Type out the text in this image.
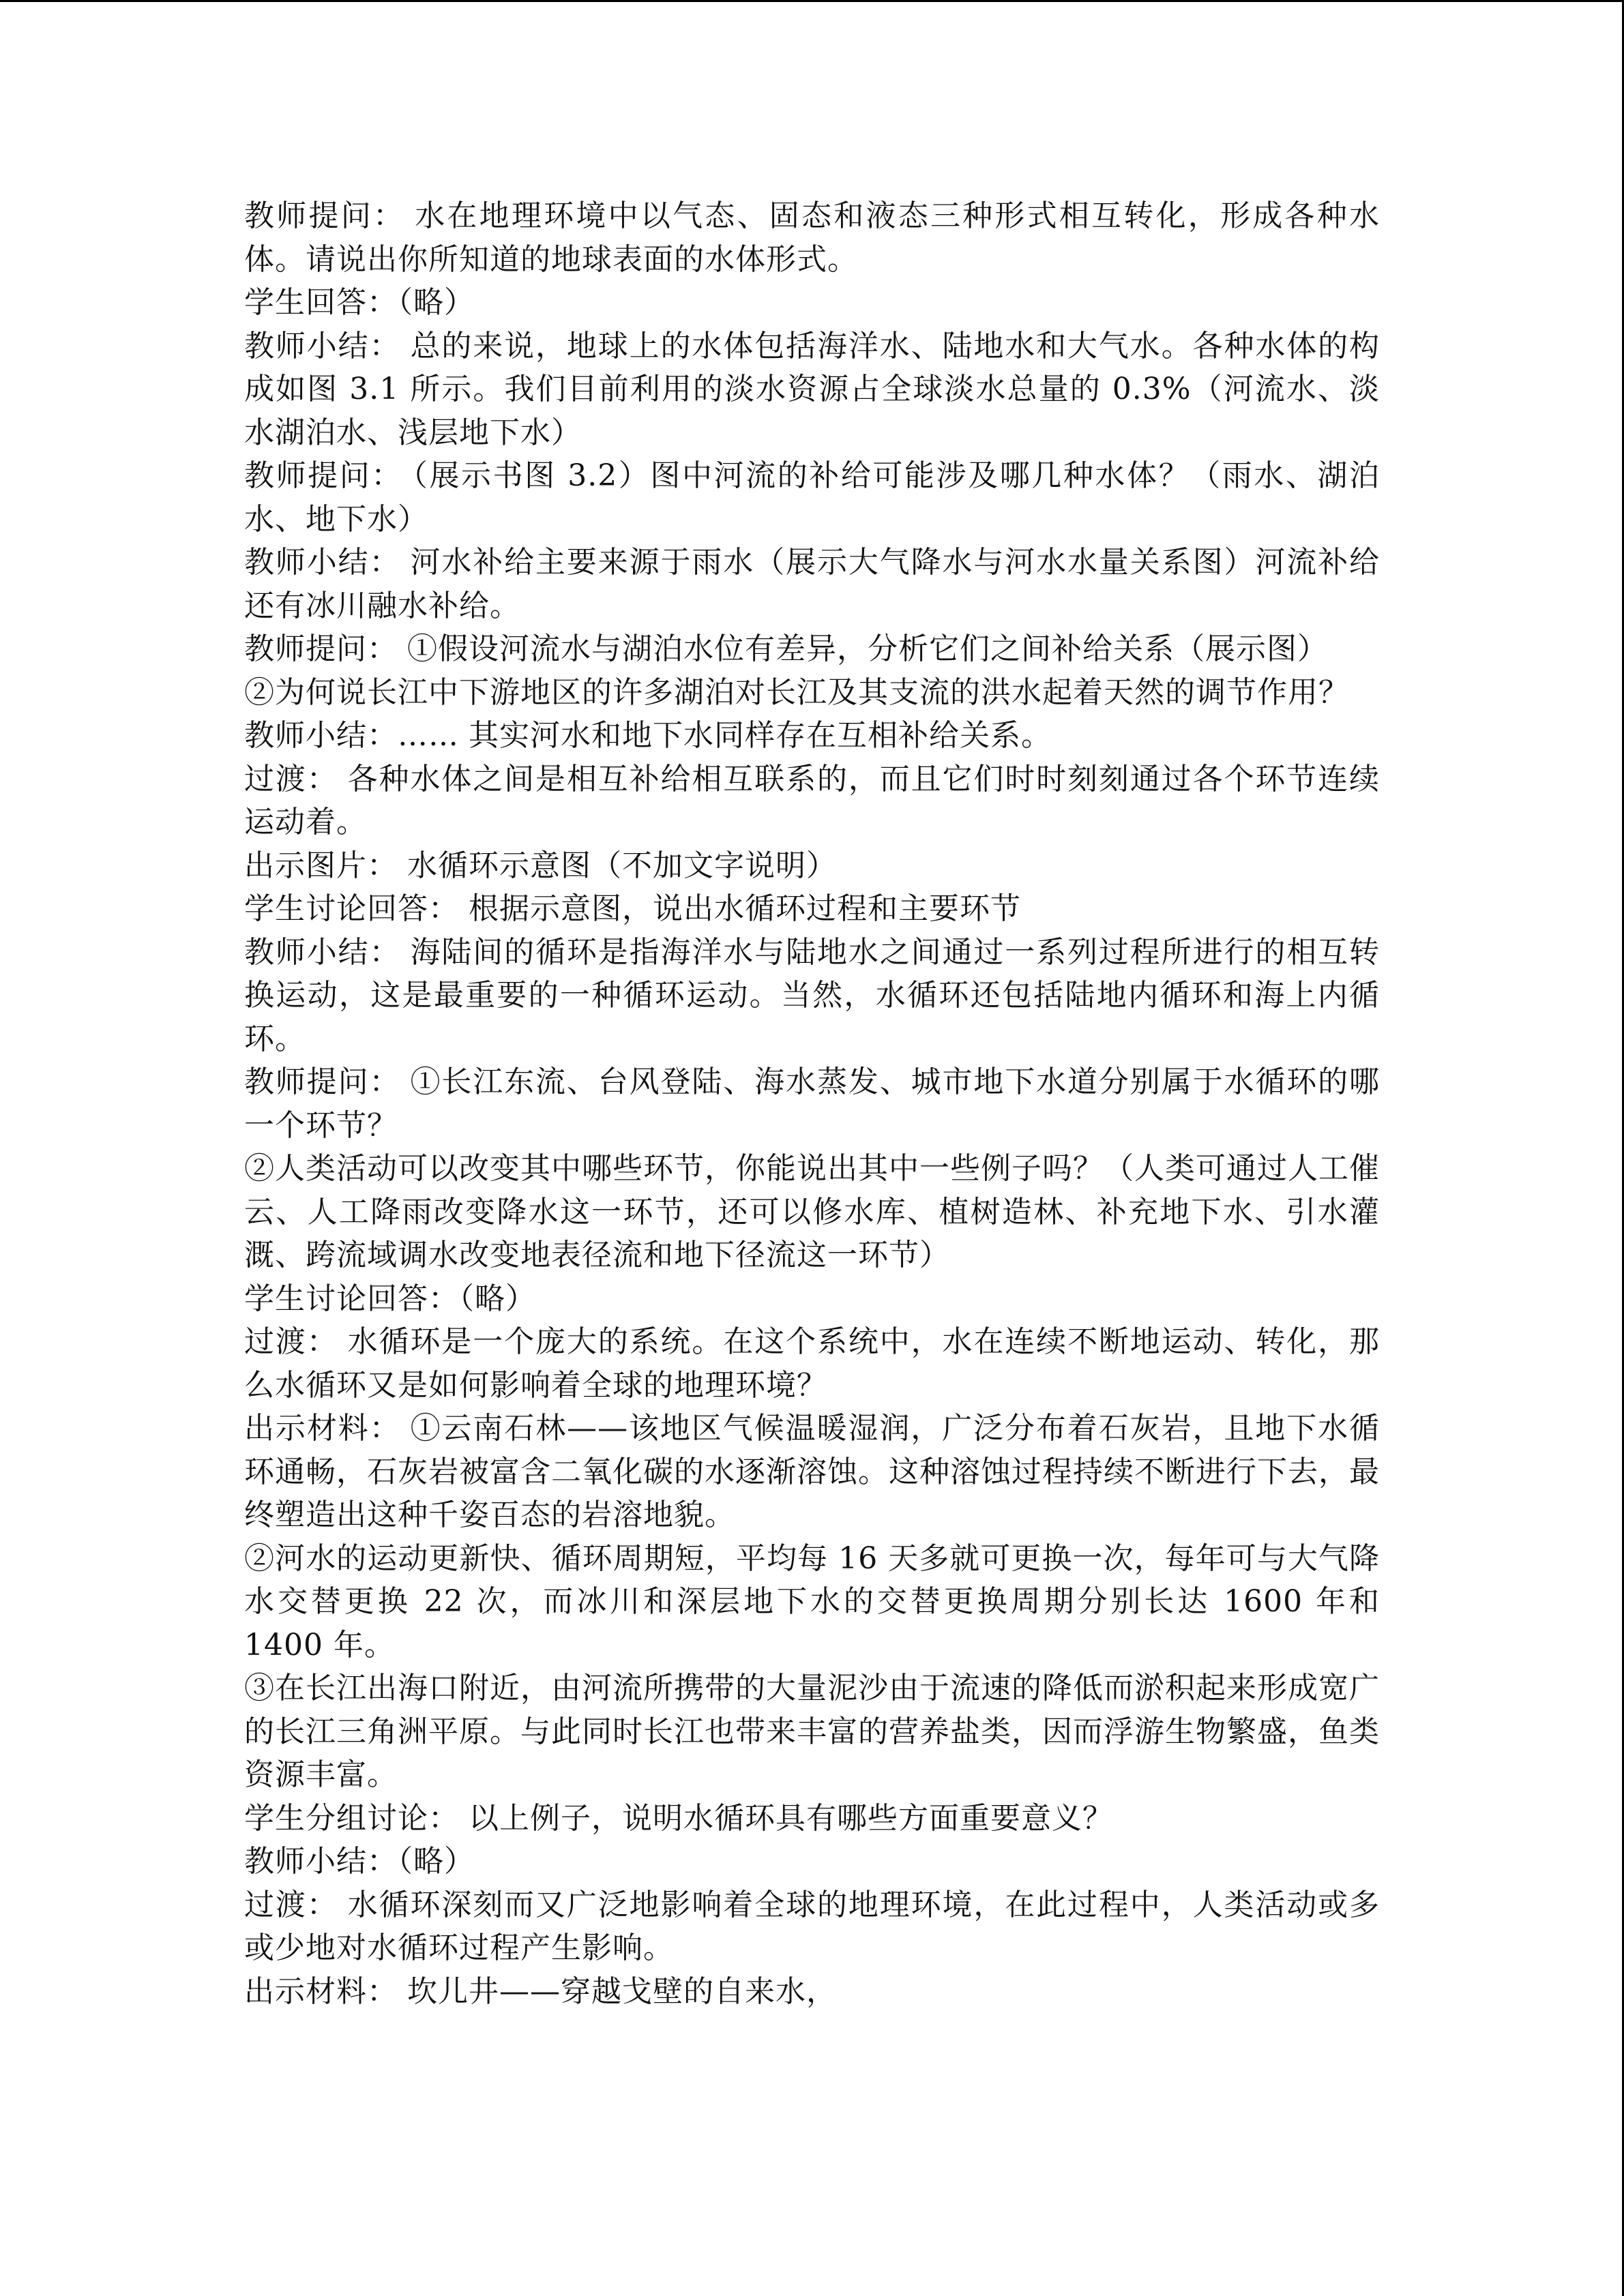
教师提问： 水在地理环境中以气态、固态和液态三种形式相互转化，形成各种水体。请说出你所知道的地球表面的水体形式。

学生回答：（略）

教师小结： 总的来说，地球上的水体包括海洋水、陆地水和大气水。各种水体的构成如图 3.1 所示。我们目前利用的淡水资源占全球淡水总量的 0.3%（河流水、淡水湖泊水、浅层地下水）

教师提问： （展示书图 3.2）图中河流的补给可能涉及哪几种水体？（雨水、湖泊水、地下水）

教师小结： 河水补给主要来源于雨水（展示大气降水与河水水量关系图）河流补给还有冰川融水补给。

教师提问： ①假设河流水与湖泊水位有差异，分析它们之间补给关系（展示图）

②为何说长江中下游地区的许多湖泊对长江及其支流的洪水起着天然的调节作用？

教师小结：…… 其实河水和地下水同样存在互相补给关系。

过渡： 各种水体之间是相互补给相互联系的，而且它们时时刻刻通过各个环节连续运动着。

出示图片： 水循环示意图（不加文字说明）

学生讨论回答： 根据示意图，说出水循环过程和主要环节

教师小结： 海陆间的循环是指海洋水与陆地水之间通过一系列过程所进行的相互转换运动，这是最重要的一种循环运动。当然，水循环还包括陆地内循环和海上内循环。

教师提问： ①长江东流、台风登陆、海水蒸发、城市地下水道分别属于水循环的哪一个环节？

②人类活动可以改变其中哪些环节，你能说出其中一些例子吗？（人类可通过人工催云、人工降雨改变降水这一环节，还可以修水库、植树造林、补充地下水、引水灌溉、跨流域调水改变地表径流和地下径流这一环节）

学生讨论回答：（略）

过渡： 水循环是一个庞大的系统。在这个系统中，水在连续不断地运动、转化，那么水循环又是如何影响着全球的地理环境？

出示材料： ①云南石林——该地区气候温暖湿润，广泛分布着石灰岩，且地下水循环通畅，石灰岩被富含二氧化碳的水逐渐溶蚀。这种溶蚀过程持续不断进行下去，最终塑造出这种千姿百态的岩溶地貌。

②河水的运动更新快、循环周期短，平均每 16 天多就可更换一次，每年可与大气降水交替更换 22 次，而冰川和深层地下水的交替更换周期分别长达 1600 年和 1400 年。

③在长江出海口附近，由河流所携带的大量泥沙由于流速的降低而淤积起来形成宽广的长江三角洲平原。与此同时长江也带来丰富的营养盐类，因而浮游生物繁盛，鱼类资源丰富。

学生分组讨论： 以上例子，说明水循环具有哪些方面重要意义？

教师小结：（略）

过渡： 水循环深刻而又广泛地影响着全球的地理环境，在此过程中，人类活动或多或少地对水循环过程产生影响。

出示材料： 坎儿井——穿越戈壁的自来水，
